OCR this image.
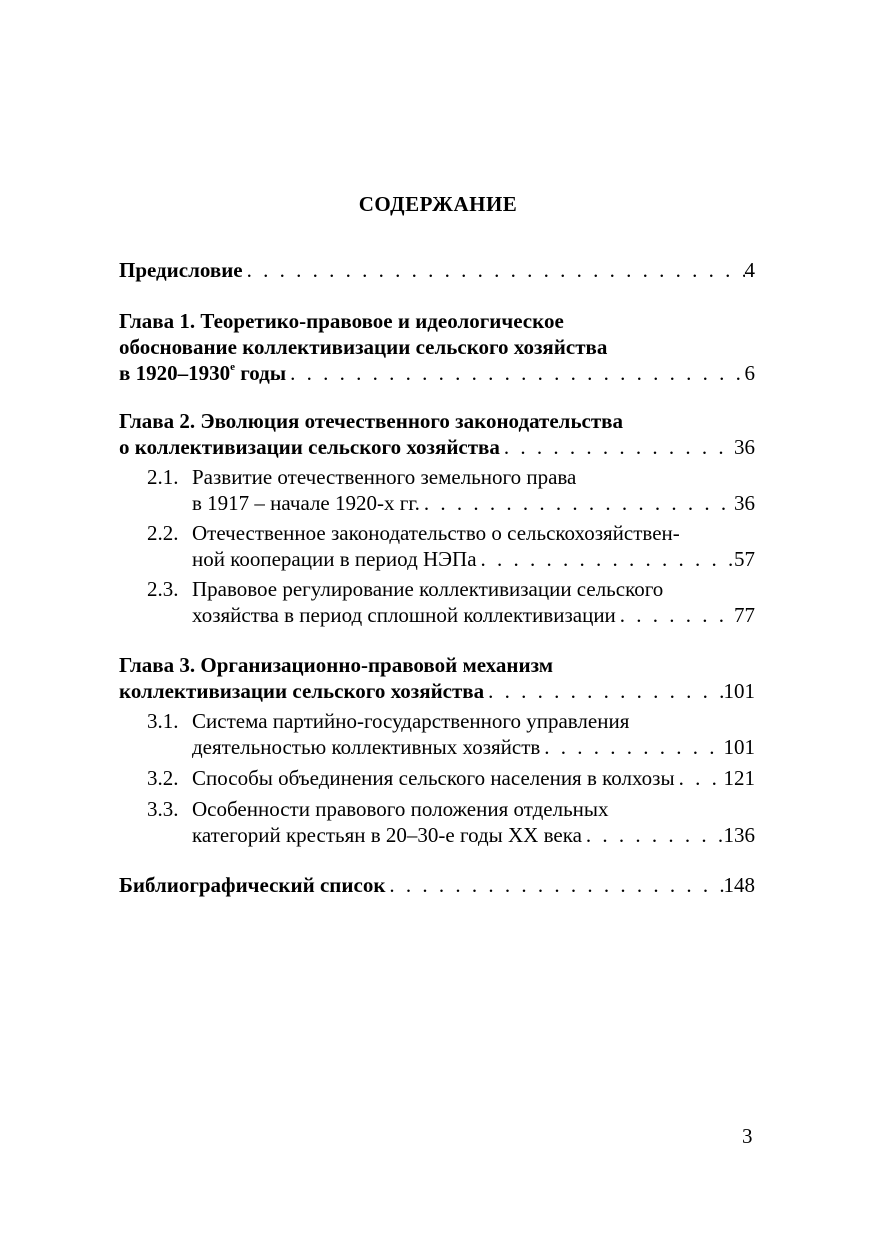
СОДЕРЖАНИЕ
Предисловие . . .	4
Глава 1. Теоретико-правовое и идеологическое
обоснование коллективизации сельского хозяйства
в 1920–1930$^е$ годы . . .	6
Глава 2. Эволюция отечественного законодательства
о коллективизации сельского хозяйства . . .	36
2.1. Развитие отечественного земельного права
в 1917 – начале 1920-х гг. . . .	36
2.2. Отечественное законодательство о сельскохозяйствен-
ной кооперации в период НЭПа . . .	57
2.3. Правовое регулирование коллективизации сельского
хозяйства в период сплошной коллективизации . . .	77
Глава 3. Организационно-правовой механизм
коллективизации сельского хозяйства . . .	101
3.1. Система партийно-государственного управления
деятельностью коллективных хозяйств . . .	101
3.2. Способы объединения сельского населения в колхозы . . . 121
3.3. Особенности правового положения отдельных
категорий крестьян в 20–30-е годы XX века . . .	136
Библиографический список . . .	148
3
